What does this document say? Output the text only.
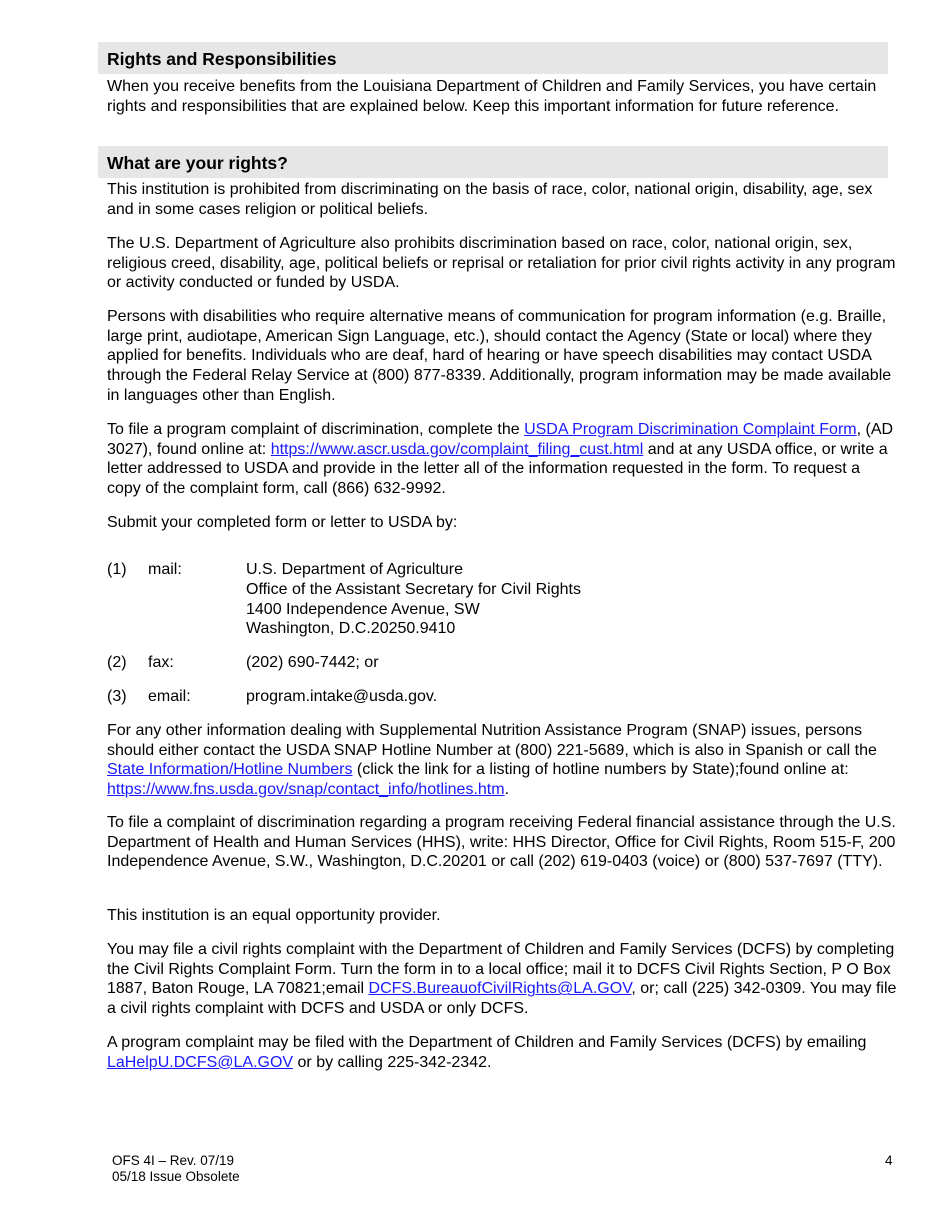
Rights and Responsibilities

When you receive benefits from the Louisiana Department of Children and Family Services, you have certain rights and responsibilities that are explained below. Keep this important information for future reference.

What are your rights?

This institution is prohibited from discriminating on the basis of race, color, national origin, disability, age, sex and in some cases religion or political beliefs.

The U.S. Department of Agriculture also prohibits discrimination based on race, color, national origin, sex, religious creed, disability, age, political beliefs or reprisal or retaliation for prior civil rights activity in any program or activity conducted or funded by USDA.

Persons with disabilities who require alternative means of communication for program information (e.g. Braille, large print, audiotape, American Sign Language, etc.), should contact the Agency (State or local) where they applied for benefits. Individuals who are deaf, hard of hearing or have speech disabilities may contact USDA through the Federal Relay Service at (800) 877-8339. Additionally, program information may be made available in languages other than English.

To file a program complaint of discrimination, complete the USDA Program Discrimination Complaint Form, (AD 3027), found online at: https://www.ascr.usda.gov/complaint_filing_cust.html and at any USDA office, or write a letter addressed to USDA and provide in the letter all of the information requested in the form. To request a copy of the complaint form, call (866) 632-9992.

Submit your completed form or letter to USDA by:

(1) mail:	U.S. Department of Agriculture
Office of the Assistant Secretary for Civil Rights
1400 Independence Avenue, SW
Washington, D.C.20250.9410
(2) fax:	(202) 690-7442; or
(3) email:	program.intake@usda.gov.

For any other information dealing with Supplemental Nutrition Assistance Program (SNAP) issues, persons should either contact the USDA SNAP Hotline Number at (800) 221-5689, which is also in Spanish or call the State Information/Hotline Numbers (click the link for a listing of hotline numbers by State);found online at: https://www.fns.usda.gov/snap/contact_info/hotlines.htm.

To file a complaint of discrimination regarding a program receiving Federal financial assistance through the U.S. Department of Health and Human Services (HHS), write: HHS Director, Office for Civil Rights, Room 515-F, 200 Independence Avenue, S.W., Washington, D.C.20201 or call (202) 619-0403 (voice) or (800) 537-7697 (TTY).

This institution is an equal opportunity provider.

You may file a civil rights complaint with the Department of Children and Family Services (DCFS) by completing the Civil Rights Complaint Form. Turn the form in to a local office; mail it to DCFS Civil Rights Section, P O Box 1887, Baton Rouge, LA 70821;email DCFS.BureauofCivilRights@LA.GOV, or; call (225) 342-0309. You may file a civil rights complaint with DCFS and USDA or only DCFS.

A program complaint may be filed with the Department of Children and Family Services (DCFS) by emailing LaHelpU.DCFS@LA.GOV or by calling 225-342-2342.

OFS 4I – Rev. 07/19
05/18 Issue Obsolete
4
